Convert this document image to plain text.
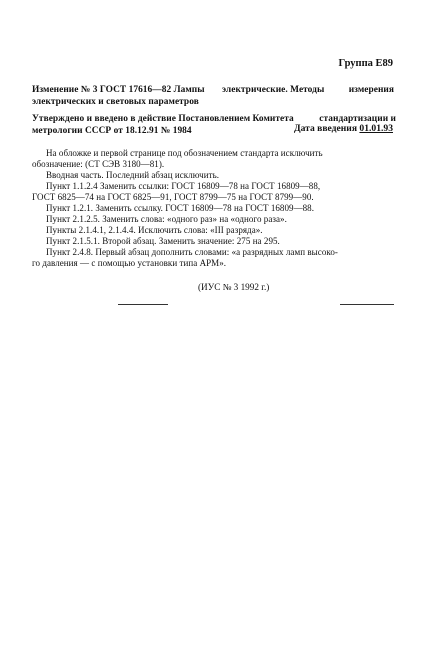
Группа Е89
Изменение № 3 ГОСТ 17616—82 Лампы электрические. Методы	измерения
электрических и световых параметров
Утверждено и введено в действие Постановлением Комитета	стандартизации и
метрологии СССР от 18.12.91 № 1984	Дата введения 01.01.93
На обложке и первой странице под обозначением стандарта исключить
обозначение: (СТ СЭВ 3180—81).
Вводная часть. Последний абзац исключить.
Пункт 1.1.2.4 Заменить ссылки: ГОСТ 16809—78 на ГОСТ 16809—88,
ГОСТ 6825—74 на ГОСТ 6825—91, ГОСТ 8799—75 на ГОСТ 8799—90.
Пункт 1.2.1. Заменить ссылку. ГОСТ 16809—78 на ГОСТ 16809—88.
Пункт 2.1.2.5. Заменить слова: «одного раз» на «одного раза».
Пункты 2.1.4.1, 2.1.4.4. Исключить слова: «III разряда».
Пункт 2.1.5.1. Второй абзац. Заменить значение: 275 на 295.
Пункт 2.4.8. Первый абзац дополнить словами: «а разрядных ламп высоко-
го давления — с помощью установки типа АРМ».
(ИУС № 3 1992 г.)
